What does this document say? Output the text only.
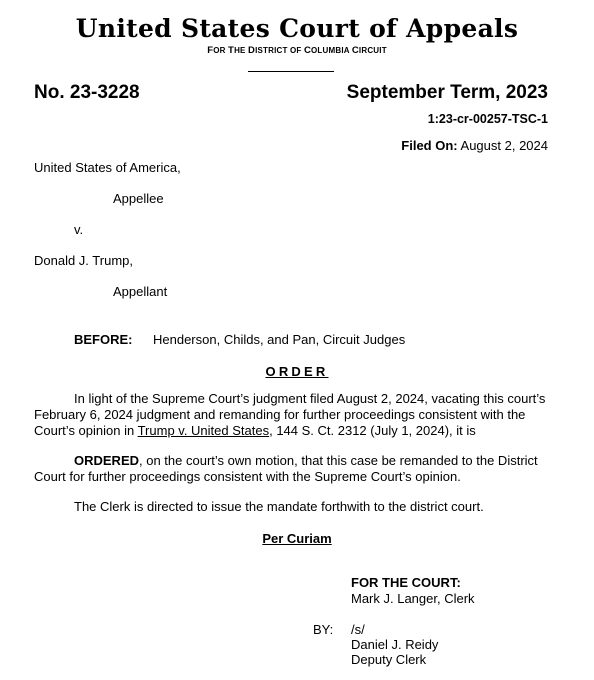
United States Court of Appeals
FOR THE DISTRICT OF COLUMBIA CIRCUIT
No. 23-3228	September Term, 2023
1:23-cr-00257-TSC-1
Filed On: August 2, 2024
United States of America,
Appellee
v.
Donald J. Trump,
Appellant
BEFORE: Henderson, Childs, and Pan, Circuit Judges
ORDER
In light of the Supreme Court’s judgment filed August 2, 2024, vacating this court’s February 6, 2024 judgment and remanding for further proceedings consistent with the Court’s opinion in Trump v. United States, 144 S. Ct. 2312 (July 1, 2024), it is
ORDERED, on the court’s own motion, that this case be remanded to the District Court for further proceedings consistent with the Supreme Court’s opinion.
The Clerk is directed to issue the mandate forthwith to the district court.
Per Curiam
FOR THE COURT:
Mark J. Langer, Clerk
BY: /s/
Daniel J. Reidy
Deputy Clerk
